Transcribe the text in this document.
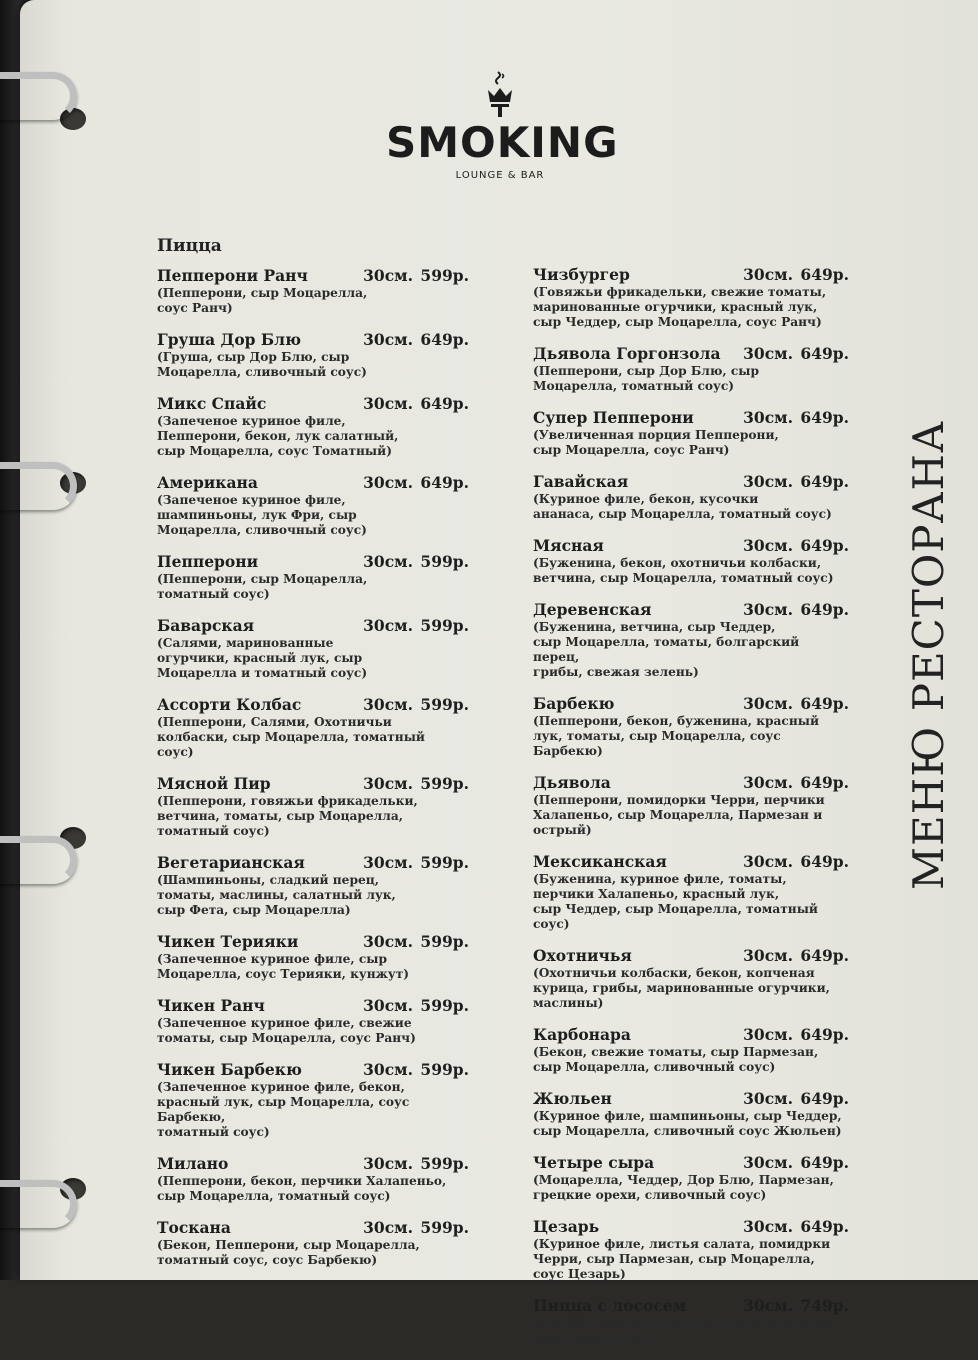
SMOKING
LOUNGE & BAR
Пицца
Пепперони Ранч	30см. 599р.
(Пепперони, сыр Моцарелла,
соус Ранч)
Груша Дор Блю	30см. 649р.
(Груша, сыр Дор Блю, сыр
Моцарелла, сливочный соус)
Микс Спайс	30см. 649р.
(Запеченое куриное филе,
Пепперони, бекон, лук салатный,
сыр Моцарелла, соус Томатный)
Американа	30см. 649р.
(Запеченое куриное филе,
шампиньоны, лук Фри, сыр
Моцарелла, сливочный соус)
Пепперони	30см. 599р.
(Пепперони, сыр Моцарелла,
томатный соус)
Баварская	30см. 599р.
(Салями, маринованные
огурчики, красный лук, сыр
Моцарелла и томатный соус)
Ассорти Колбас	30см. 599р.
(Пепперони, Салями, Охотничьи
колбаски, сыр Моцарелла, томатный
соус)
Мясной Пир	30см. 599р.
(Пепперони, говяжьи фрикадельки,
ветчина, томаты, сыр Моцарелла,
томатный соус)
Вегетарианская	30см. 599р.
(Шампиньоны, сладкий перец,
томаты, маслины, салатный лук,
сыр Фета, сыр Моцарелла)
Чикен Терияки	30см. 599р.
(Запеченное куриное филе, сыр
Моцарелла, соус Терияки, кунжут)
Чикен Ранч	30см. 599р.
(Запеченное куриное филе, свежие
томаты, сыр Моцарелла, соус Ранч)
Чикен Барбекю	30см. 599р.
(Запеченное куриное филе, бекон,
красный лук, сыр Моцарелла, соус Барбекю,
томатный соус)
Милано	30см. 599р.
(Пепперони, бекон, перчики Халапеньо,
сыр Моцарелла, томатный соус)
Тоскана	30см. 599р.
(Бекон, Пепперони, сыр Моцарелла,
томатный соус, соус Барбекю)
Чизбургер	30см. 649р.
(Говяжьи фрикадельки, свежие томаты,
маринованные огурчики, красный лук,
сыр Чеддер, сыр Моцарелла, соус Ранч)
Дьявола Горгонзола 30см. 649р.
(Пепперони, сыр Дор Блю, сыр
Моцарелла, томатный соус)
Супер Пепперони	30см. 649р.
(Увеличенная порция Пепперони,
сыр Моцарелла, соус Ранч)
Гавайская	30см. 649р.
(Куриное филе, бекон, кусочки
ананаса, сыр Моцарелла, томатный соус)
Мясная	30см. 649р.
(Буженина, бекон, охотничьи колбаски,
ветчина, сыр Моцарелла, томатный соус)
Деревенская	30см. 649р.
(Буженина, ветчина, сыр Чеддер,
сыр Моцарелла, томаты, болгарский перец,
грибы, свежая зелень)
Барбекю	30см. 649р.
(Пепперони, бекон, буженина, красный
лук, томаты, сыр Моцарелла, соус Барбекю)
Дьявола	30см. 649р.
(Пепперони, помидорки Черри, перчики
Халапеньо, сыр Моцарелла, Пармезан и
острый)
Мексиканская	30см. 649р.
(Буженина, куриное филе, томаты,
перчики Халапеньо, красный лук,
сыр Чеддер, сыр Моцарелла, томатный соус)
Охотничья	30см. 649р.
(Охотничьи колбаски, бекон, копченая
курица, грибы, маринованные огурчики,
маслины)
Карбонара	30см. 649р.
(Бекон, свежие томаты, сыр Пармезан,
сыр Моцарелла, сливочный соус)
Жюльен	30см. 649р.
(Куриное филе, шампиньоны, сыр Чеддер,
сыр Моцарелла, сливочный соус Жюльен)
Четыре сыра	30см. 649р.
(Моцарелла, Чеддер, Дор Блю, Пармезан,
грецкие орехи, сливочный соус)
Цезарь	30см. 649р.
(Куриное филе, листья салата, помидрки
Черри, сыр Пармезан, сыр Моцарелла,
соус Цезарь)
Пицца с лососем	30см. 749р.
(Лосось, сливочный сыр, сыр Моцарелла,
соус томатный)
МЕНЮ РЕСТОРАНА
